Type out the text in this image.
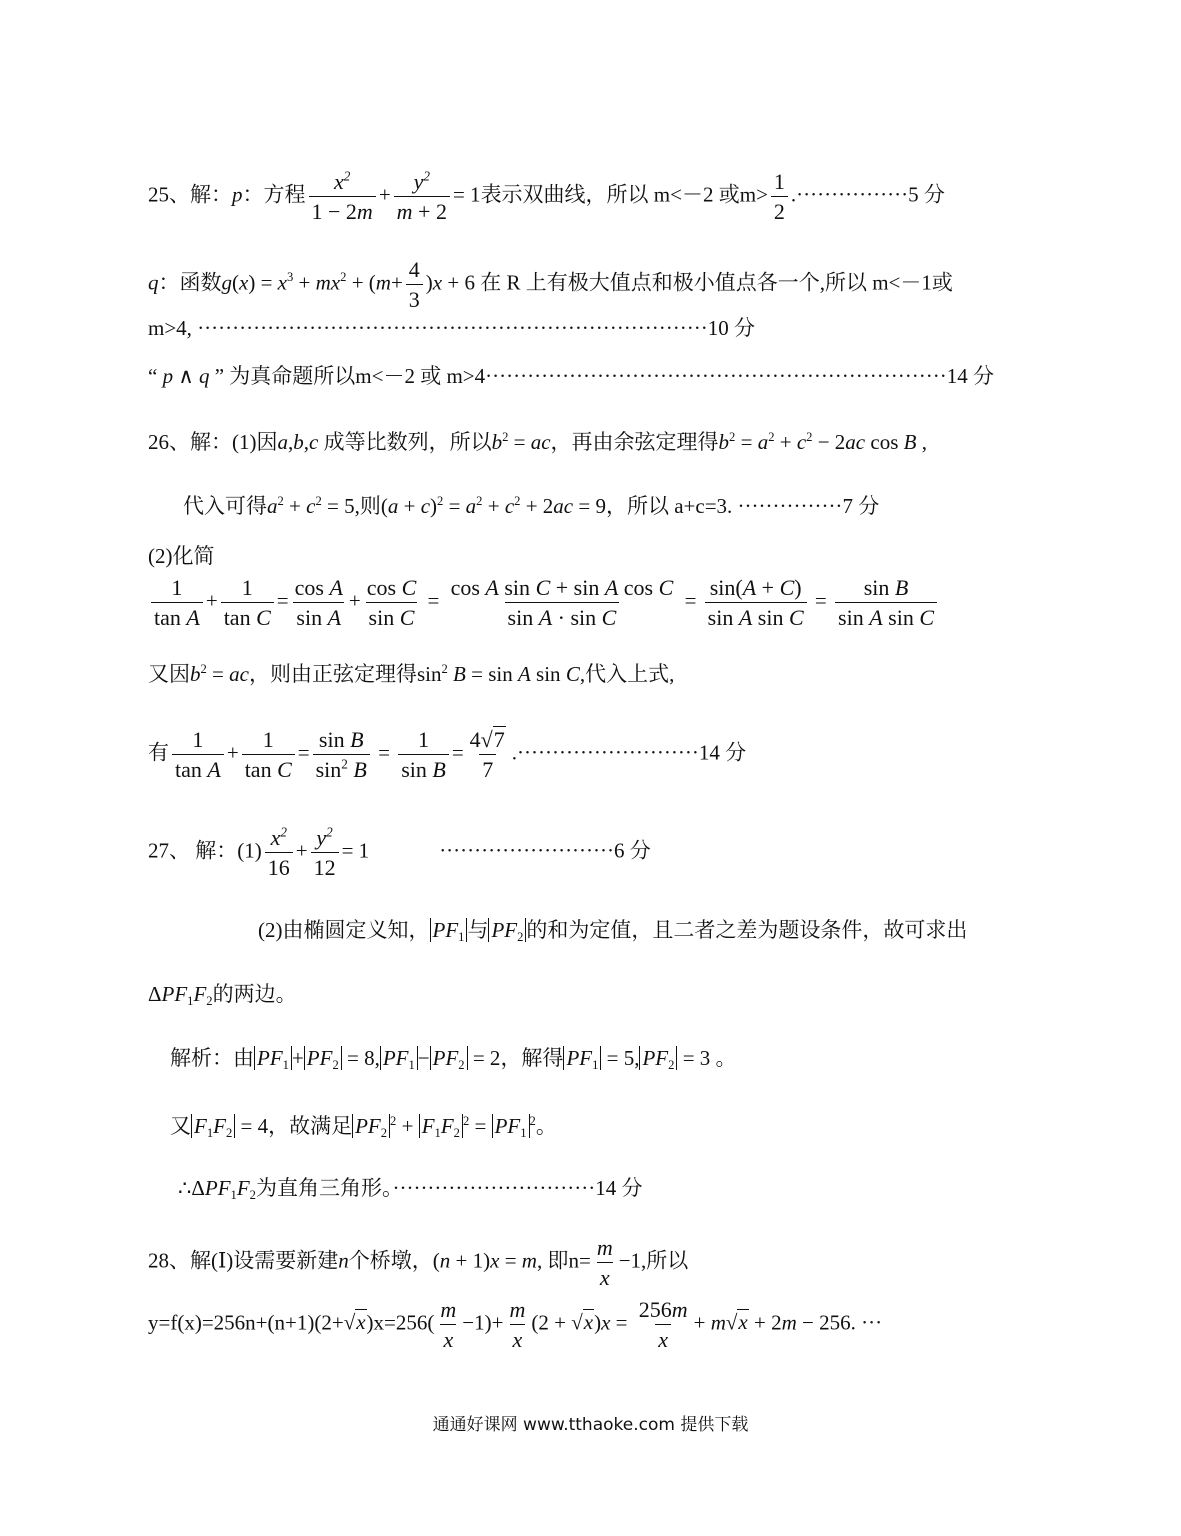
25、解：p：方程 $\frac{x^2}{1 - 2m} + \frac{y^2}{m + 2} = 1$表示双曲线，所以 m<－2 或$m> \frac{1}{2} .\cdot\cdot\cdot\cdot\cdot\cdot\cdot\cdot\cdot\cdot\cdot\cdot\cdot\cdot\cdot\cdot 5$ 分
q：函数$g(x) = x^3 + mx^2 + (m+ \frac{4}{3} )x + 6$ 在 R 上有极大值点和极小值点各一个,所以 m<－1或
m>4, ·········································································10 分
“ p ∧ q ” 为真命题所以m<－2 或 m>4··································································14 分
26、解：(1)因a,b,c 成等比数列，所以$b^2$ = ac，再由余弦定理得$b^2 = a^2 + c^2 - 2ac$ cos B ,
代入可得$a^2 + c^2 = 5$,则$(a + c)^2 = a^2 + c^2 + 2ac = 9$，所以 a+c=3. ···············7 分
(2)化简
$\frac{1}{\text{tan A}} + \frac{1}{\text{tan C}} = \frac{\text{cos A}}{\text{sin A}} + \frac{\text{cos C}}{\text{sin C}} = \frac{\text{cos A sin C + sin A cos C}}{\text{sin A · sin C}} = \frac{\sin(A + C)}{\text{sin A sin C}} = \frac{\text{sin B}}{\text{sin A sin C}}$
又因$b^2$ = ac，则由正弦定理得$\sin^2 B = \sin A$ sin C,代入上式,
有 $\frac{1}{\text{tan A}} + \frac{1}{\text{tan C}} = \frac{\text{sin B}}{\sin^2 B} = \frac{1}{\text{sin B}} = \frac{4√7}{7} .\cdot\cdot\cdot\cdot\cdot\cdot\cdot\cdot\cdot\cdot\cdot\cdot\cdot\cdot\cdot\cdot\cdot\cdot\cdot\cdot\cdot\cdot\cdot\cdot\cdot\cdot 14$ 分
27、 解：$(1) \frac{x^2}{16} + \frac{y^2}{12} = 1$	·························6 分
(2)由椭圆定义知， $PF_1$ 与 $PF_2$ 的和为定值，且二者之差为题设条件，故可求出
$\Delta PF_1F_2$的两边。
解析：由 $PF_1 + PF_2 = 8$, $PF_1 - PF_2 = 2$，解得 $PF_1 = 5$, $PF_2 = 3$ 。
又 $F_1F_2 = 4$，故满足 $PF_2^2 + F_1F_2^2 = PF_1^2$。
$\therefore\Delta PF_1F_2$为直角三角形。·····························14 分
28、解(Ⅰ)设需要新建n个桥墩，(n + 1)x = m, 即$n= \frac{m}{x} -1$,所以
$y=f(x)=256n+(n+1)(2+√x)x=256( \frac{m}{x} -1)+ \frac{m}{x} (2 + √x)x = \frac{256m}{x} + m√x + 2m - 256$. ···
通通好课网 www.tthaoke.com 提供下载
